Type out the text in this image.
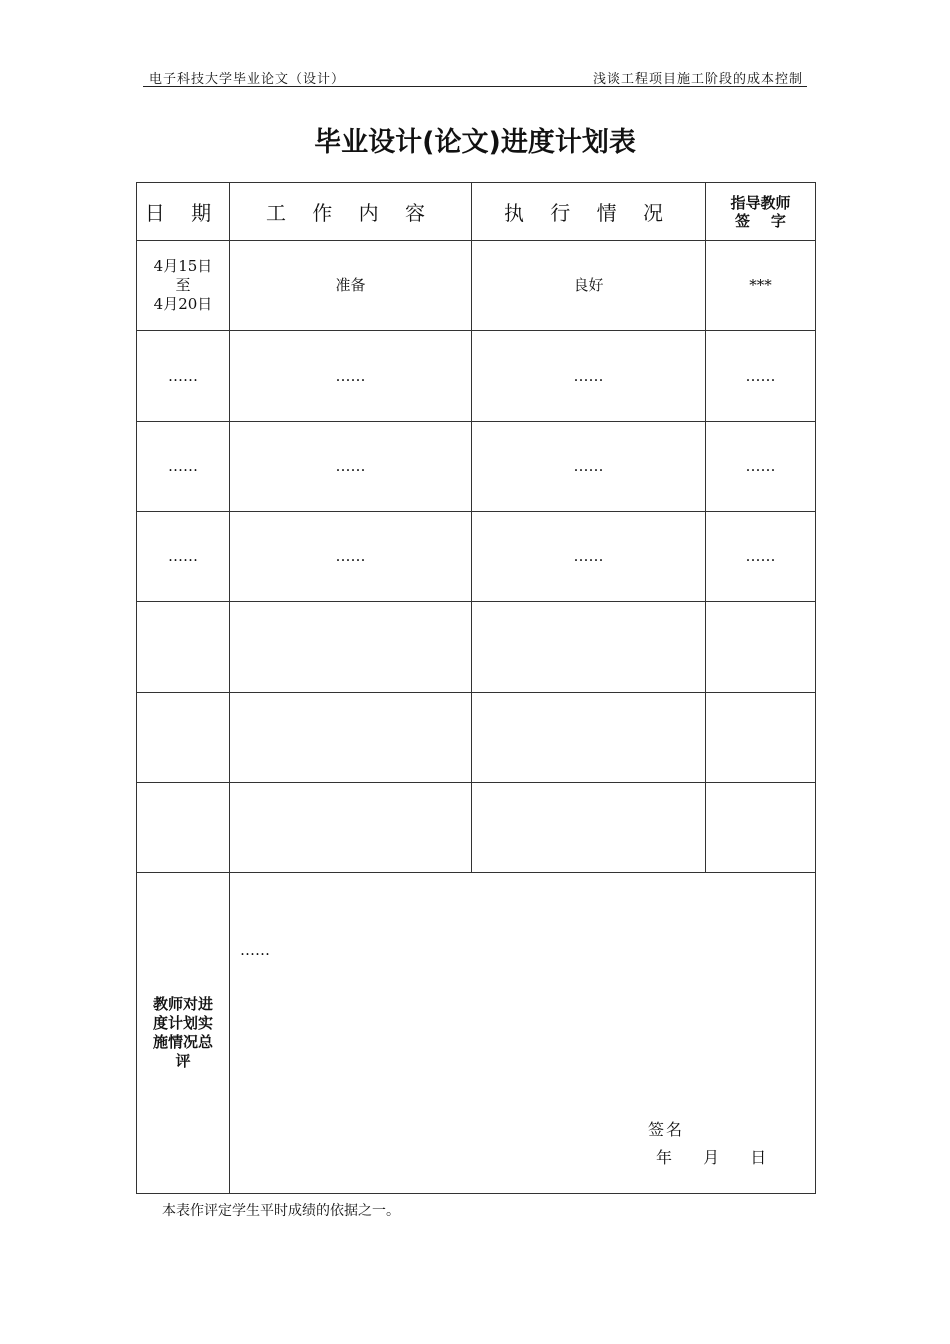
电子科技大学毕业论文（设计）	浅谈工程项目施工阶段的成本控制
毕业设计(论文)进度计划表
日 期	工 作 内 容	执 行 情 况	指导教师
签    字

4月15日
至
4月20日	准备	良好	***
……	……	……	……
……	……	……	……
……	……	……	……

教师对进度计划实施情况总评	……
签名
年 月 日		
本表作评定学生平时成绩的依据之一。
